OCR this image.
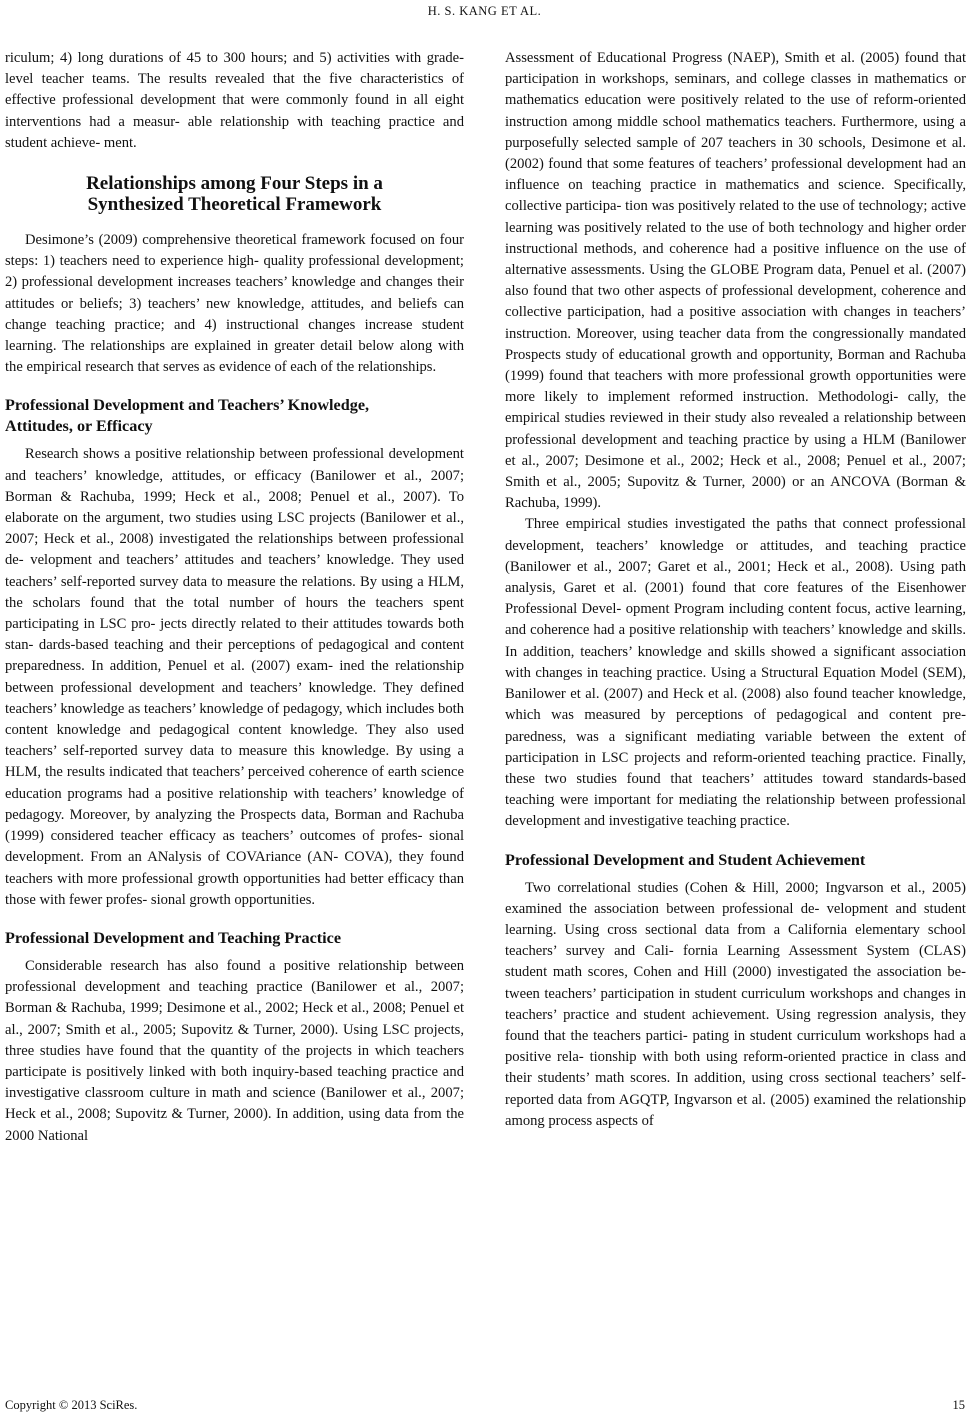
H. S. KANG ET AL.

riculum; 4) long durations of 45 to 300 hours; and 5) activities with grade-level teacher teams. The results revealed that the five characteristics of effective professional development that were commonly found in all eight interventions had a measur- able relationship with teaching practice and student achieve- ment.

Relationships among Four Steps in a
Synthesized Theoretical Framework

Desimone’s (2009) comprehensive theoretical framework focused on four steps: 1) teachers need to experience high- quality professional development; 2) professional development increases teachers’ knowledge and changes their attitudes or beliefs; 3) teachers’ new knowledge, attitudes, and beliefs can change teaching practice; and 4) instructional changes increase student learning. The relationships are explained in greater detail below along with the empirical research that serves as evidence of each of the relationships.

Professional Development and Teachers’ Knowledge,
Attitudes, or Efficacy

Research shows a positive relationship between professional development and teachers’ knowledge, attitudes, or efficacy (Banilower et al., 2007; Borman & Rachuba, 1999; Heck et al., 2008; Penuel et al., 2007). To elaborate on the argument, two studies using LSC projects (Banilower et al., 2007; Heck et al., 2008) investigated the relationships between professional de- velopment and teachers’ attitudes and teachers’ knowledge. They used teachers’ self-reported survey data to measure the relations. By using a HLM, the scholars found that the total number of hours the teachers spent participating in LSC pro- jects directly related to their attitudes towards both stan- dards-based teaching and their perceptions of pedagogical and content preparedness. In addition, Penuel et al. (2007) exam- ined the relationship between professional development and teachers’ knowledge. They defined teachers’ knowledge as teachers’ knowledge of pedagogy, which includes both content knowledge and pedagogical content knowledge. They also used teachers’ self-reported survey data to measure this knowledge. By using a HLM, the results indicated that teachers’ perceived coherence of earth science education programs had a positive relationship with teachers’ knowledge of pedagogy. Moreover, by analyzing the Prospects data, Borman and Rachuba (1999) considered teacher efficacy as teachers’ outcomes of profes- sional development. From an ANalysis of COVAriance (AN- COVA), they found teachers with more professional growth opportunities had better efficacy than those with fewer profes- sional growth opportunities.

Professional Development and Teaching Practice

Considerable research has also found a positive relationship between professional development and teaching practice (Banilower et al., 2007; Borman & Rachuba, 1999; Desimone et al., 2002; Heck et al., 2008; Penuel et al., 2007; Smith et al., 2005; Supovitz & Turner, 2000). Using LSC projects, three studies have found that the quantity of the projects in which teachers participate is positively linked with both inquiry-based teaching practice and investigative classroom culture in math and science (Banilower et al., 2007; Heck et al., 2008; Supovitz & Turner, 2000). In addition, using data from the 2000 National

Assessment of Educational Progress (NAEP), Smith et al. (2005) found that participation in workshops, seminars, and college classes in mathematics or mathematics education were positively related to the use of reform-oriented instruction among middle school mathematics teachers. Furthermore, using a purposefully selected sample of 207 teachers in 30 schools, Desimone et al. (2002) found that some features of teachers’ professional development had an influence on teaching practice in mathematics and science. Specifically, collective participa- tion was positively related to the use of technology; active learning was positively related to the use of both technology and higher order instructional methods, and coherence had a positive influence on the use of alternative assessments. Using the GLOBE Program data, Penuel et al. (2007) also found that two other aspects of professional development, coherence and collective participation, had a positive association with changes in teachers’ instruction. Moreover, using teacher data from the congressionally mandated Prospects study of educational growth and opportunity, Borman and Rachuba (1999) found that teachers with more professional growth opportunities were more likely to implement reformed instruction. Methodologi- cally, the empirical studies reviewed in their study also revealed a relationship between professional development and teaching practice by using a HLM (Banilower et al., 2007; Desimone et al., 2002; Heck et al., 2008; Penuel et al., 2007; Smith et al., 2005; Supovitz & Turner, 2000) or an ANCOVA (Borman & Rachuba, 1999).

Three empirical studies investigated the paths that connect professional development, teachers’ knowledge or attitudes, and teaching practice (Banilower et al., 2007; Garet et al., 2001; Heck et al., 2008). Using path analysis, Garet et al. (2001) found that core features of the Eisenhower Professional Devel- opment Program including content focus, active learning, and coherence had a positive relationship with teachers’ knowledge and skills. In addition, teachers’ knowledge and skills showed a significant association with changes in teaching practice. Using a Structural Equation Model (SEM), Banilower et al. (2007) and Heck et al. (2008) also found teacher knowledge, which was measured by perceptions of pedagogical and content pre- paredness, was a significant mediating variable between the extent of participation in LSC projects and reform-oriented teaching practice. Finally, these two studies found that teachers’ attitudes toward standards-based teaching were important for mediating the relationship between professional development and investigative teaching practice.

Professional Development and Student Achievement

Two correlational studies (Cohen & Hill, 2000; Ingvarson et al., 2005) examined the association between professional de- velopment and student learning. Using cross sectional data from a California elementary school teachers’ survey and Cali- fornia Learning Assessment System (CLAS) student math scores, Cohen and Hill (2000) investigated the association be- tween teachers’ participation in student curriculum workshops and changes in teachers’ practice and student achievement. Using regression analysis, they found that the teachers partici- pating in student curriculum workshops had a positive rela- tionship with both using reform-oriented practice in class and their students’ math scores. In addition, using cross sectional teachers’ self-reported data from AGQTP, Ingvarson et al. (2005) examined the relationship among process aspects of

Copyright © 2013 SciRes.	15
